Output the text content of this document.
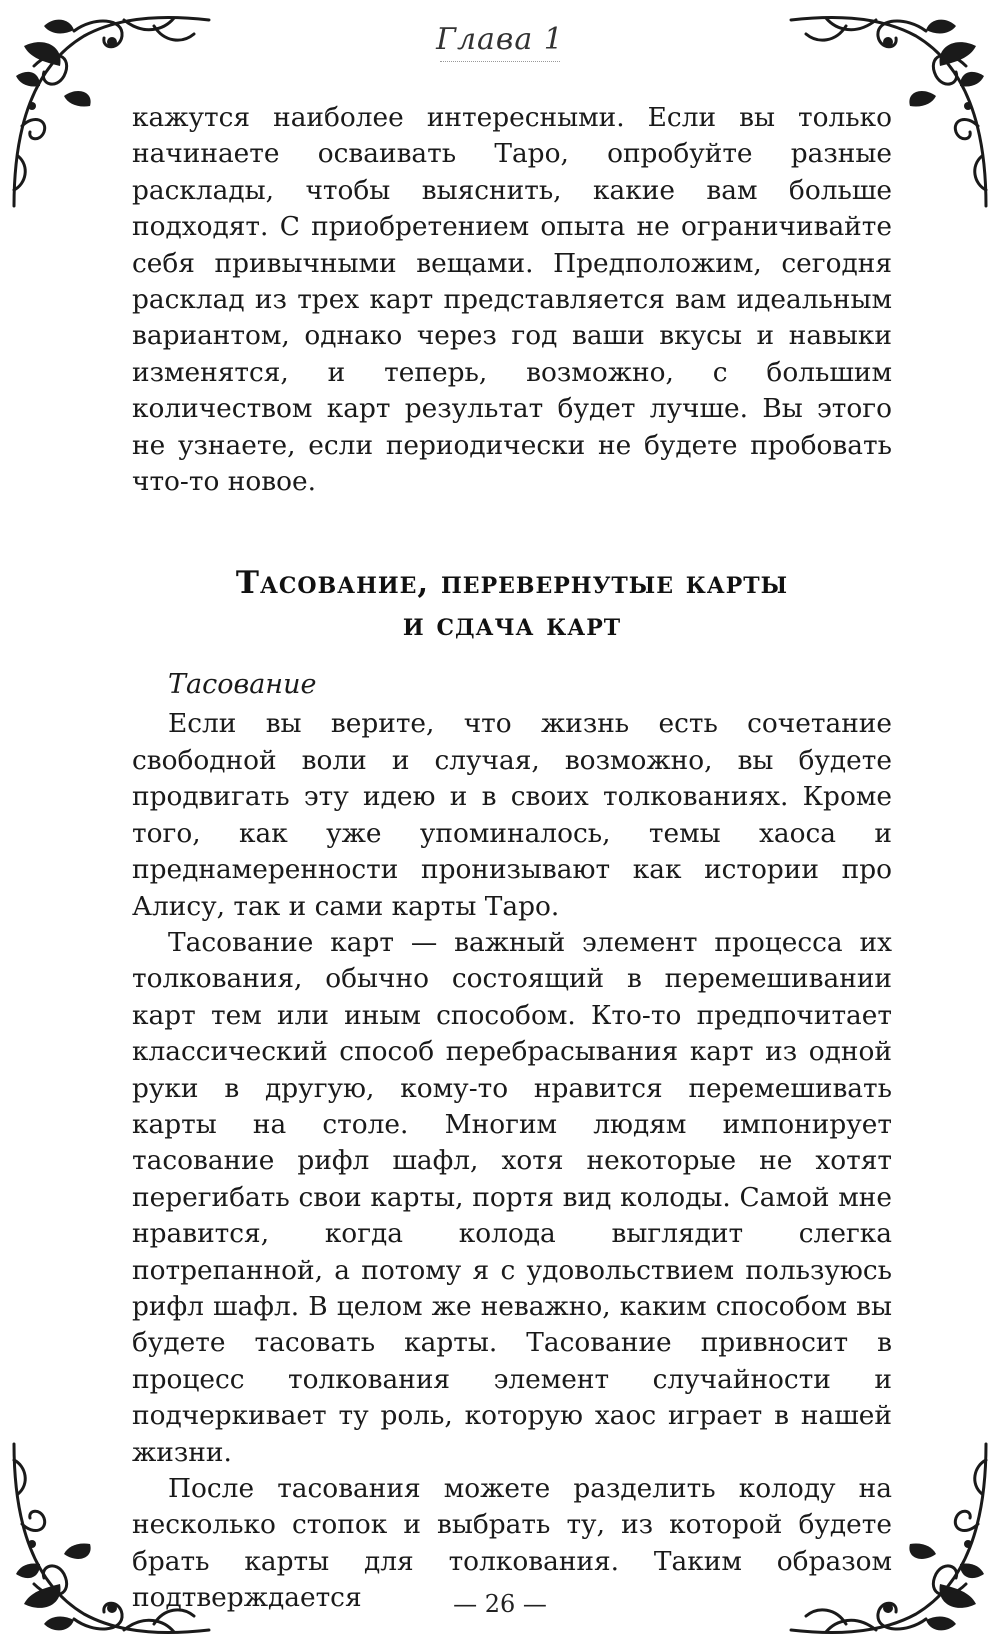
Глава 1

кажутся наиболее интересными. Если вы только начинаете осваивать Таро, опробуйте разные расклады, чтобы выяснить, какие вам больше подходят. С приобретением опыта не ограничивайте себя привычными вещами. Предположим, сегодня расклад из трех карт представляется вам идеальным вариантом, однако через год ваши вкусы и навыки изменятся, и теперь, возможно, с большим количеством карт результат будет лучше. Вы этого не узнаете, если периодически не будете пробовать что-то новое.

Тасование, перевернутые карты
и сдача карт
Тасование

Если вы верите, что жизнь есть сочетание свободной воли и случая, возможно, вы будете продвигать эту идею и в своих толкованиях. Кроме того, как уже упоминалось, темы хаоса и преднамеренности пронизывают как истории про Алису, так и сами карты Таро.

Тасование карт — важный элемент процесса их толкования, обычно состоящий в перемешивании карт тем или иным способом. Кто-то предпочитает классический способ перебрасывания карт из одной руки в другую, кому-то нравится перемешивать карты на столе. Многим людям импонирует тасование рифл шафл, хотя некоторые не хотят перегибать свои карты, портя вид колоды. Самой мне нравится, когда колода выглядит слегка потрепанной, а потому я с удовольствием пользуюсь рифл шафл. В целом же неважно, каким способом вы будете тасовать карты. Тасование привносит в процесс толкования элемент случайности и подчеркивает ту роль, которую хаос играет в нашей жизни.

После тасования можете разделить колоду на несколько стопок и выбрать ту, из которой будете брать карты для толкования. Таким образом подтверждается	— 26 —
